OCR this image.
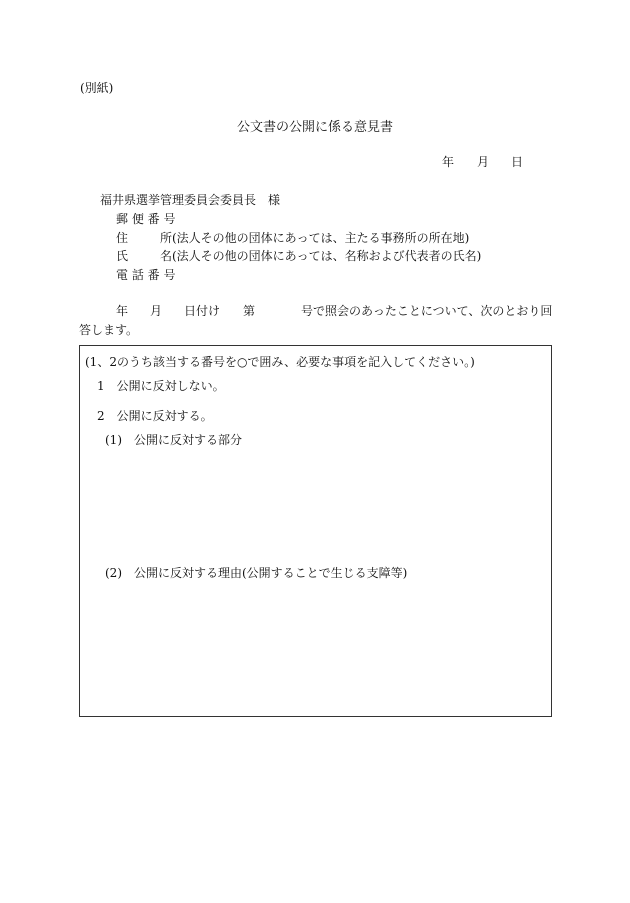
(別紙)
公文書の公開に係る意見書
年 月 日
福井県選挙管理委員会委員長　様
郵 便 番 号
住	所(法人その他の団体にあっては、主たる事務所の所在地)
氏	名(法人その他の団体にあっては、名称および代表者の氏名)
電 話 番 号
年 月 日付け 第	号で照会のあったことについて、次のとおり回
答します。
(1、2のうち該当する番号を○で囲み、必要な事項を記入してください。)
1　公開に反対しない。
2　公開に反対する。
(1)　公開に反対する部分
(2)　公開に反対する理由(公開することで生じる支障等)
